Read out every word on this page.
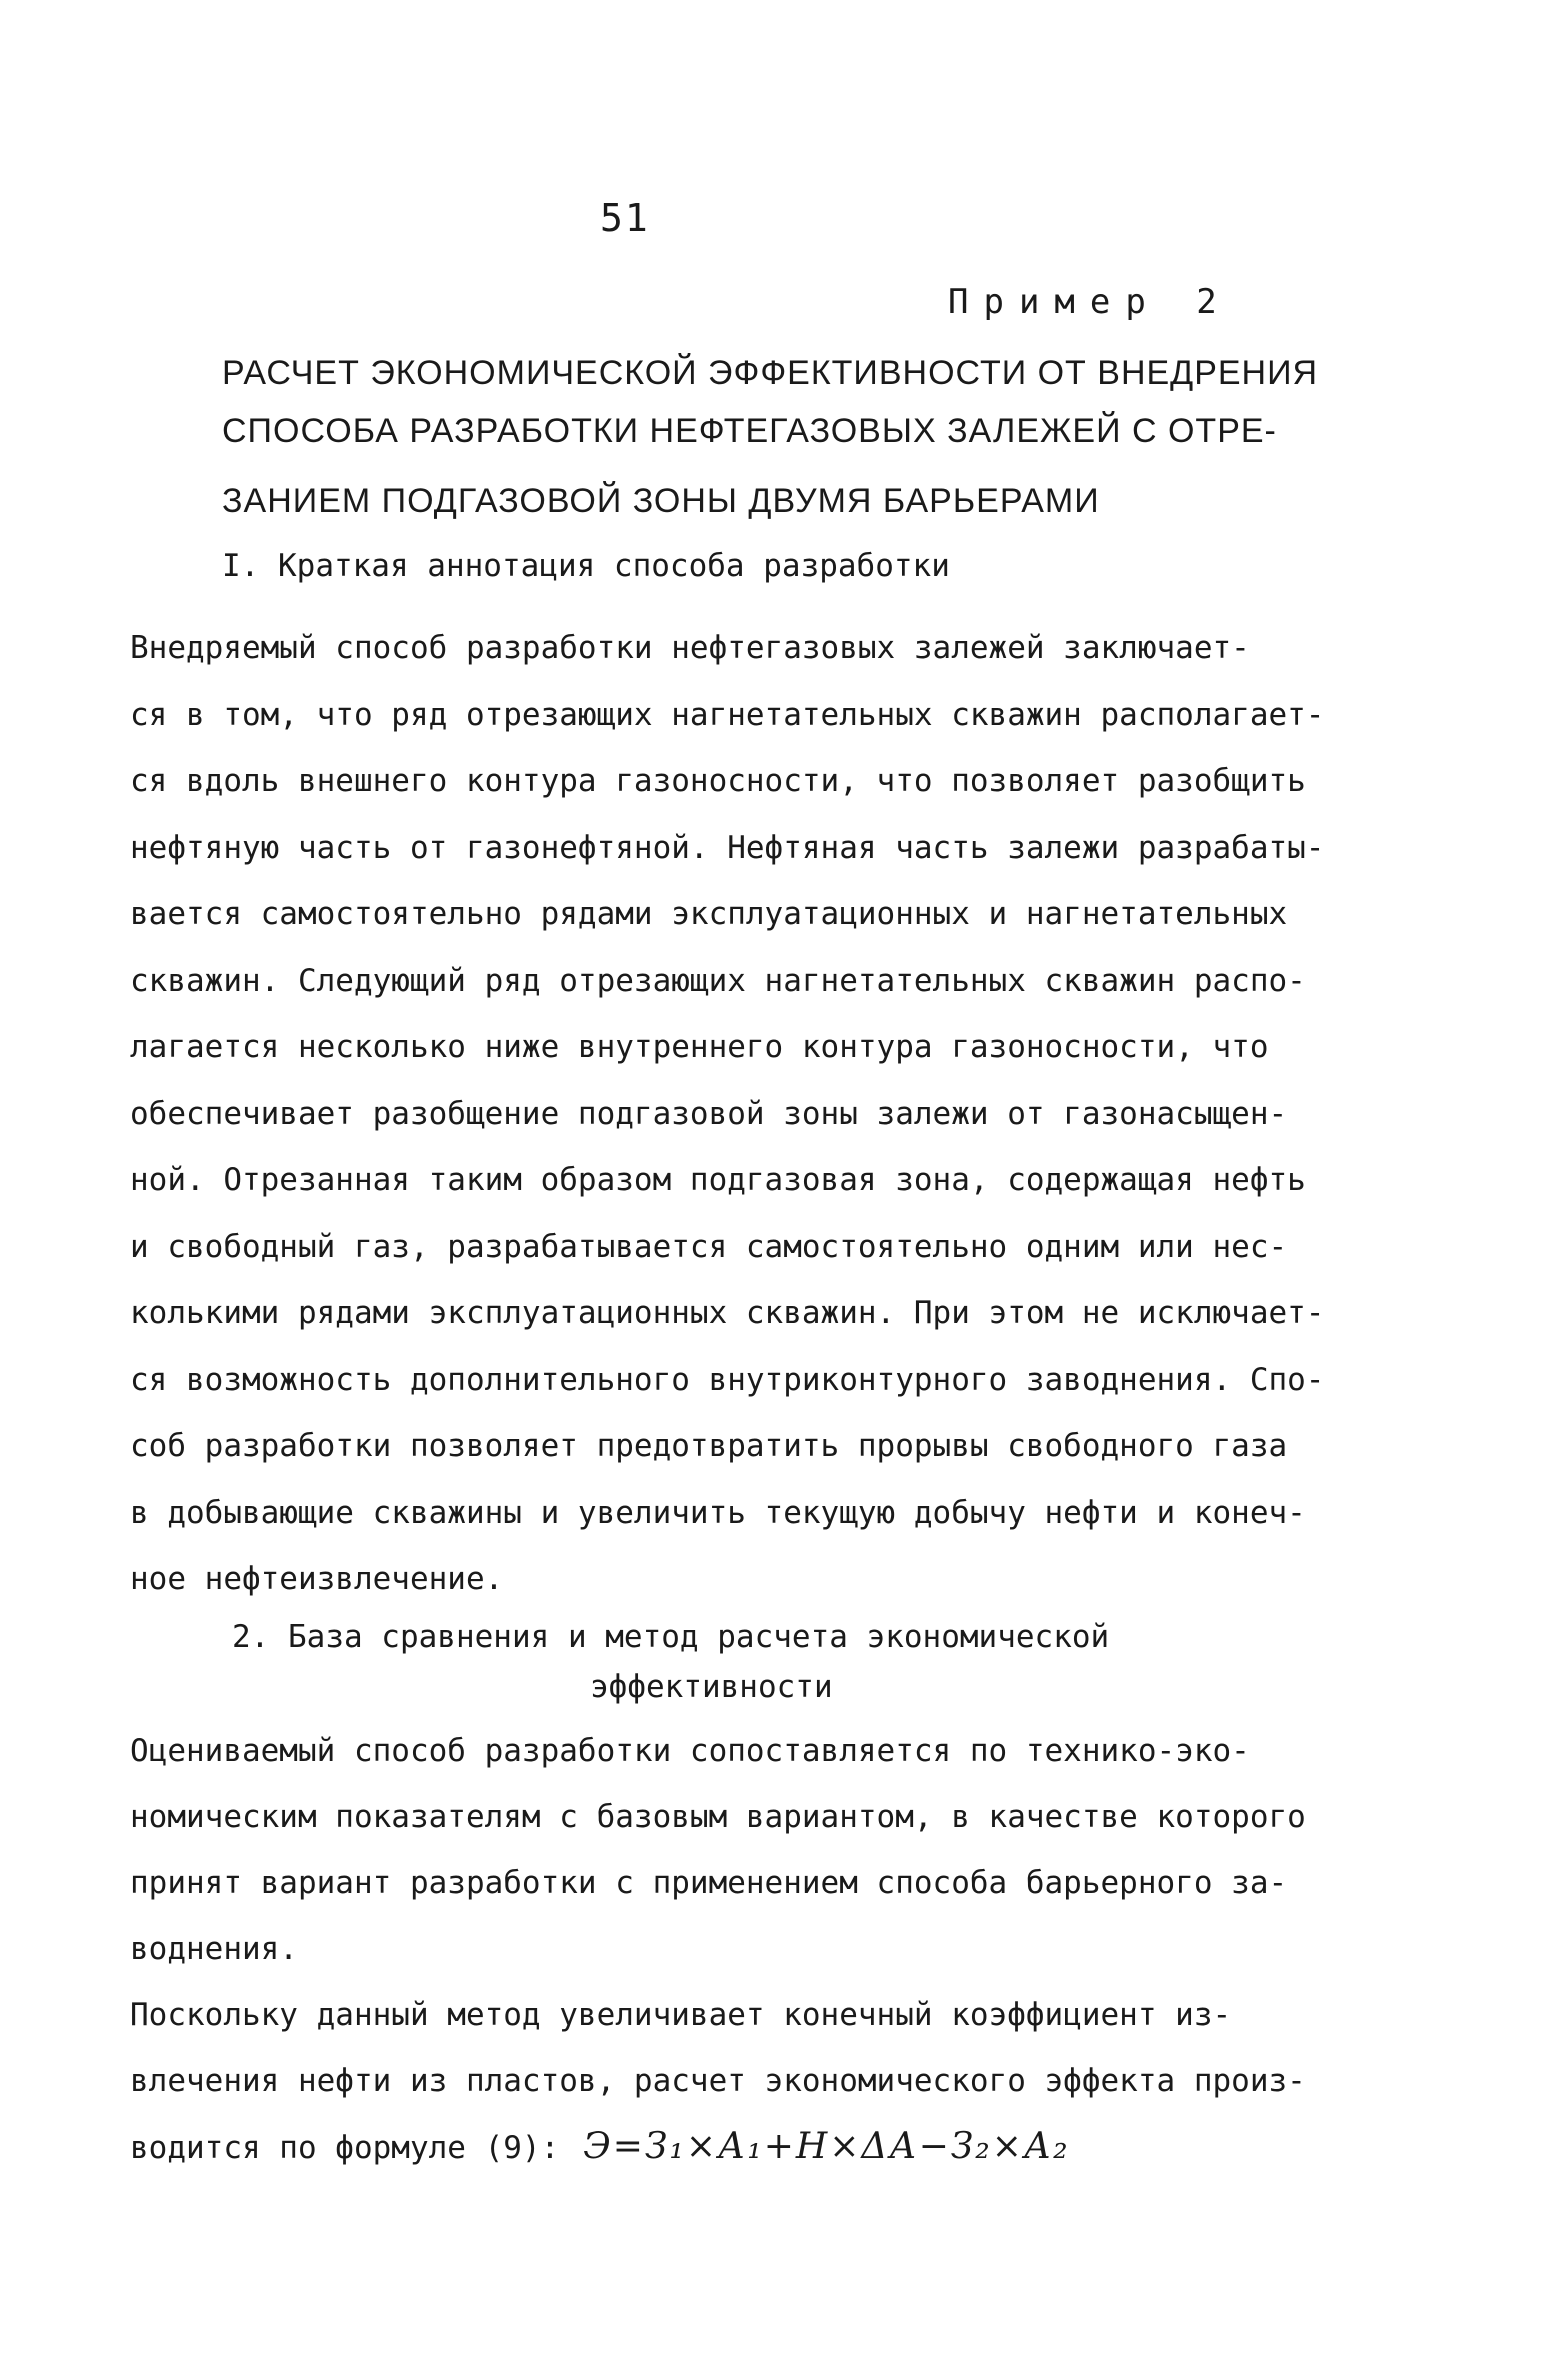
51
Пример 2
РАСЧЕТ ЭКОНОМИЧЕСКОЙ ЭФФЕКТИВНОСТИ ОТ ВНЕДРЕНИЯ
СПОСОБА РАЗРАБОТКИ НЕФТЕГАЗОВЫХ ЗАЛЕЖЕЙ С ОТРЕ-
ЗАНИЕМ ПОДГАЗОВОЙ ЗОНЫ ДВУМЯ БАРЬЕРАМИ
I. Краткая аннотация способа разработки

Внедряемый способ разработки нефтегазовых залежей заключает-
ся в том, что ряд отрезающих нагнетательных скважин располагает-
ся вдоль внешнего контура газоносности, что позволяет разобщить
нефтяную часть от газонефтяной. Нефтяная часть залежи разрабаты-
вается самостоятельно рядами эксплуатационных и нагнетательных
скважин. Следующий ряд отрезающих нагнетательных скважин распо-
лагается несколько ниже внутреннего контура газоносности, что
обеспечивает разобщение подгазовой зоны залежи от газонасыщен-
ной. Отрезанная таким образом подгазовая зона, содержащая нефть
и свободный газ, разрабатывается самостоятельно одним или нес-
колькими рядами эксплуатационных скважин. При этом не исключает-
ся возможность дополнительного внутриконтурного заводнения. Спо-
соб разработки позволяет предотвратить прорывы свободного газа
в добывающие скважины и увеличить текущую добычу нефти и конеч-
ное нефтеизвлечение.

2. База сравнения и метод расчета экономической
эффективности

Оцениваемый способ разработки сопоставляется по технико-эко-
номическим показателям с базовым вариантом, в качестве которого
принят вариант разработки с применением способа барьерного за-
воднения.

Поскольку данный метод увеличивает конечный коэффициент из-
влечения нефти из пластов, расчет экономического эффекта произ-
водится по формуле (9): Э=З₁×А₁+Н×ΔА−З₂×А₂
